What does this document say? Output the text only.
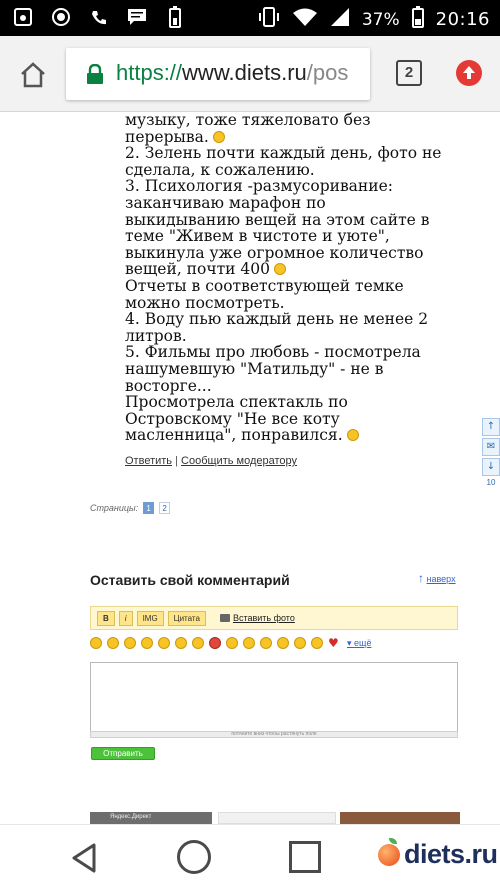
37% 20:16
https://www.diets.ru/pos	2
музыку, тоже тяжеловато без
перерыва.
2. Зелень почти каждый день, фото не
сделала, к сожалению.
3. Психология -размусоривание:
заканчиваю марафон по
выкидыванию вещей на этом сайте в
теме "Живем в чистоте и уюте",
выкинула уже огромное количество
вещей, почти 400
Отчеты в соответствующей темке
можно посмотреть.
4. Воду пью каждый день не менее 2
литров.
5. Фильмы про любовь - посмотрела
нашумевшую "Матильду" - не в
восторге...
Просмотрела спектакль по
Островскому "Не все коту
масленница", понравился.
Ответить | Сообщить модератору
↑
✉
↓
10
Страницы:	1	2
Оставить свой комментарий	↑ наверх
B	i	IMG	Цитата	Вставить фото
♥ ▾ ещё
потяните вниз чтобы растянуть поле
Отправить
Яндекс.Директ
diets.ru
